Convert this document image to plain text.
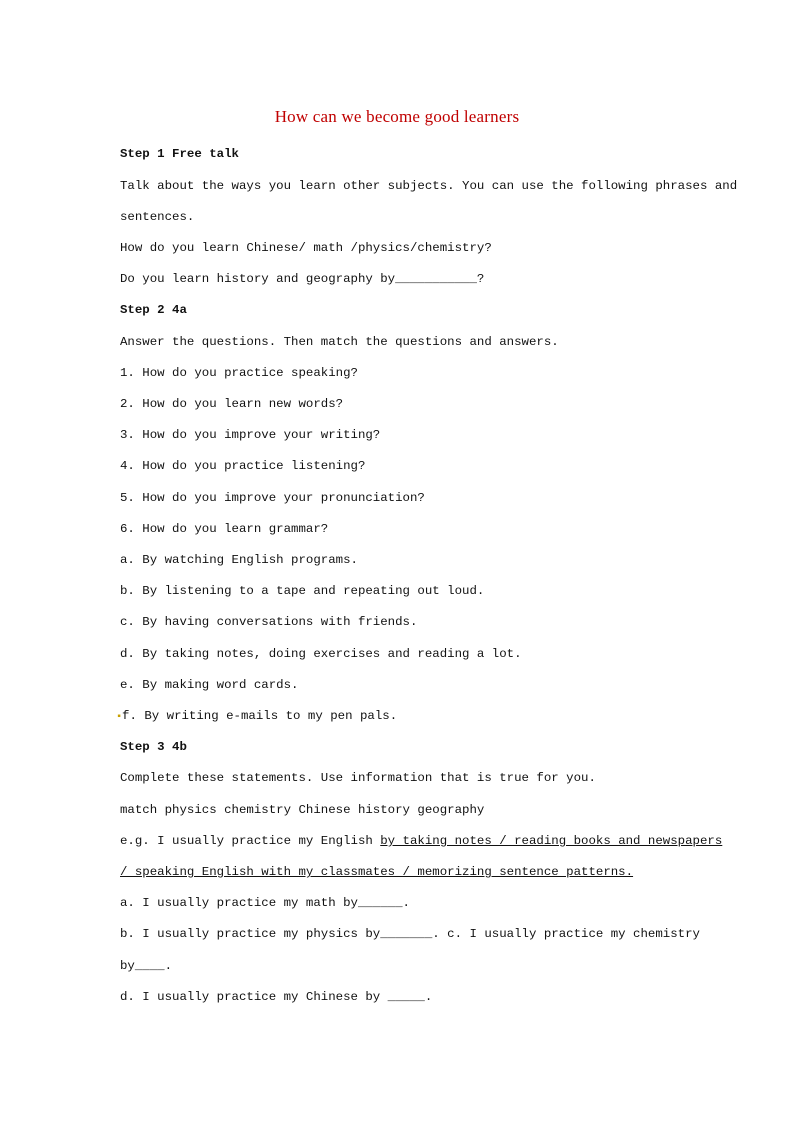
How can we become good learners
Step 1 Free talk
Talk about the ways you learn other subjects. You can use the following phrases and
sentences.
How do you learn Chinese/ math /physics/chemistry?
Do you learn history and geography by___________?
Step 2 4a
Answer the questions. Then match the questions and answers.
1. How do you practice speaking?
2. How do you learn new words?
3. How do you improve your writing?
4. How do you practice listening?
5. How do you improve your pronunciation?
6. How do you learn grammar?
a. By watching English programs.
b. By listening to a tape and repeating out loud.
c. By having conversations with friends.
d. By taking notes, doing exercises and reading a lot.
e. By making word cards.
▪f. By writing e-mails to my pen pals.
Step 3 4b
Complete these statements. Use information that is true for you.
match physics chemistry Chinese history geography
e.g. I usually practice my English by taking notes / reading books and newspapers
/ speaking English with my classmates / memorizing sentence patterns.
a. I usually practice my math by______.
b. I usually practice my physics by_______. c. I usually practice my chemistry
by____.
d. I usually practice my Chinese by _____.
